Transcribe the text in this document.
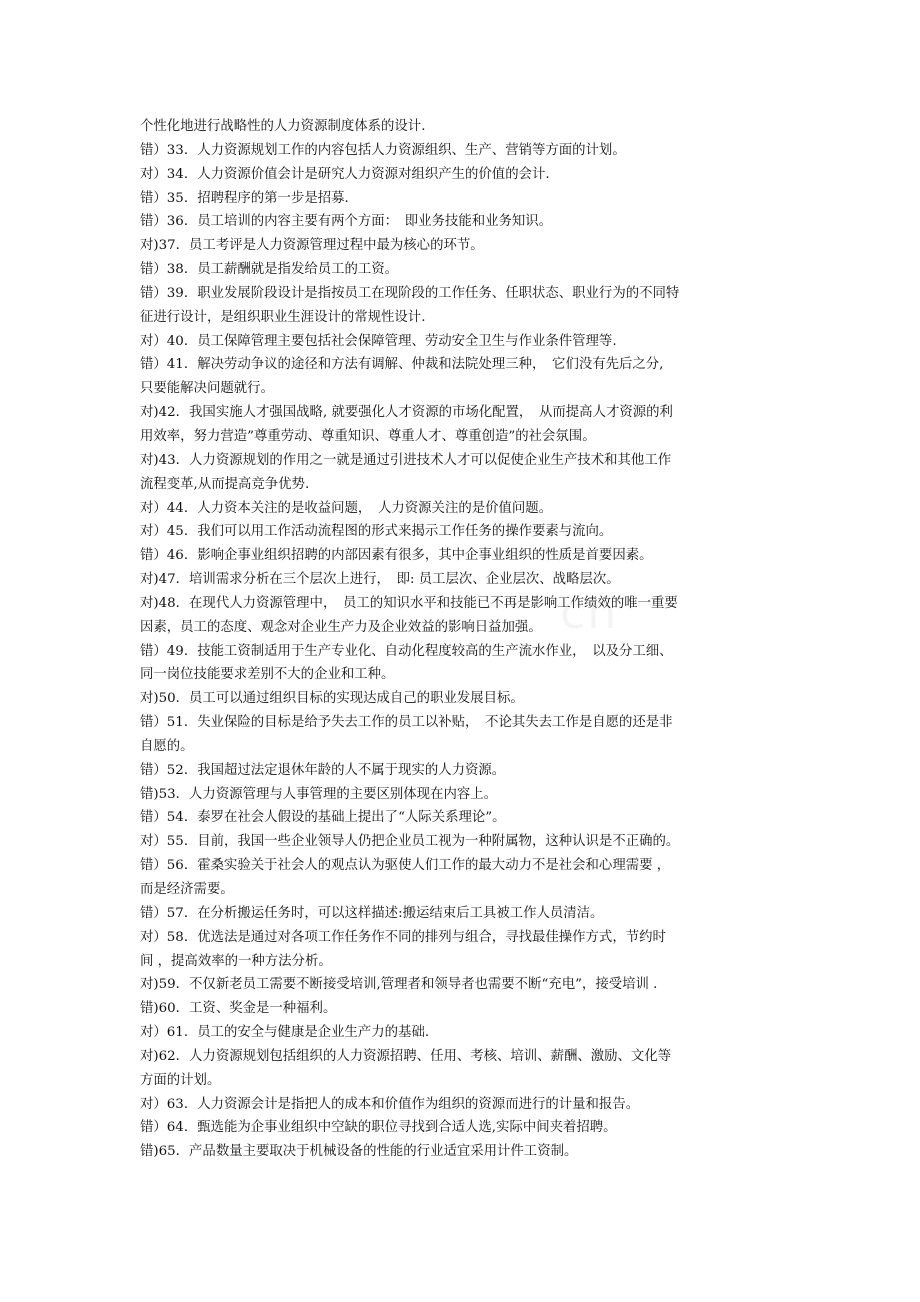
个性化地进行战略性的人力资源制度体系的设计.
错）33．人力资源规划工作的内容包括人力资源组织、生产、营销等方面的计划。
对）34．人力资源价值会计是研究人力资源对组织产生的价值的会计.
错）35．招聘程序的第一步是招募.
错）36．员工培训的内容主要有两个方面：　即业务技能和业务知识。
对)37．员工考评是人力资源管理过程中最为核心的环节。
错）38．员工薪酬就是指发给员工的工资。
错）39．职业发展阶段设计是指按员工在现阶段的工作任务、任职状态、职业行为的不同特
征进行设计，是组织职业生涯设计的常规性设计.
对）40．员工保障管理主要包括社会保障管理、劳动安全卫生与作业条件管理等.
错）41．解决劳动争议的途径和方法有调解、仲裁和法院处理三种，　它们没有先后之分,
只要能解决问题就行。
对)42．我国实施人才强国战略, 就要强化人才资源的市场化配置，　从而提高人才资源的利
用效率，努力营造”尊重劳动、尊重知识、尊重人才、尊重创造”的社会氛围。
对)43．人力资源规划的作用之一就是通过引进技术人才可以促使企业生产技术和其他工作
流程变革,从而提高竞争优势.
对）44．人力资本关注的是收益问题，　人力资源关注的是价值问题。
对）45．我们可以用工作活动流程图的形式来揭示工作任务的操作要素与流向。
错）46．影响企事业组织招聘的内部因素有很多，其中企事业组织的性质是首要因素。
对)47．培训需求分析在三个层次上进行，　即: 员工层次、企业层次、战略层次。
对)48．在现代人力资源管理中，　员工的知识水平和技能已不再是影响工作绩效的唯一重要
因素，员工的态度、观念对企业生产力及企业效益的影响日益加强。
错）49．技能工资制适用于生产专业化、自动化程度较高的生产流水作业，　以及分工细、
同一岗位技能要求差别不大的企业和工种。
对)50．员工可以通过组织目标的实现达成自己的职业发展目标。
错）51．失业保险的目标是给予失去工作的员工以补贴，　不论其失去工作是自愿的还是非
自愿的。
错）52．我国超过法定退休年龄的人不属于现实的人力资源。
错)53．人力资源管理与人事管理的主要区别体现在内容上。
错）54．泰罗在社会人假设的基础上提出了“人际关系理论”。
对）55．目前，我国一些企业领导人仍把企业员工视为一种附属物，这种认识是不正确的。
错）56．霍桑实验关于社会人的观点认为驱使人们工作的最大动力不是社会和心理需要 ，
而是经济需要。
错）57．在分析搬运任务时，可以这样描述:搬运结束后工具被工作人员清洁。
对）58．优选法是通过对各项工作任务作不同的排列与组合，寻找最佳操作方式，节约时
间 ，提高效率的一种方法分析。
对)59．不仅新老员工需要不断接受培训,管理者和领导者也需要不断“充电”，接受培训 .
错)60．工资、奖金是一种福利。
对）61．员工的安全与健康是企业生产力的基础.
对)62．人力资源规划包括组织的人力资源招聘、任用、考核、培训、薪酬、激励、文化等
方面的计划。
对）63．人力资源会计是指把人的成本和价值作为组织的资源而进行的计量和报告。
错）64．甄选能为企事业组织中空缺的职位寻找到合适人选,实际中间夹着招聘。
错)65．产品数量主要取决于机械设备的性能的行业适宜采用计件工资制。
